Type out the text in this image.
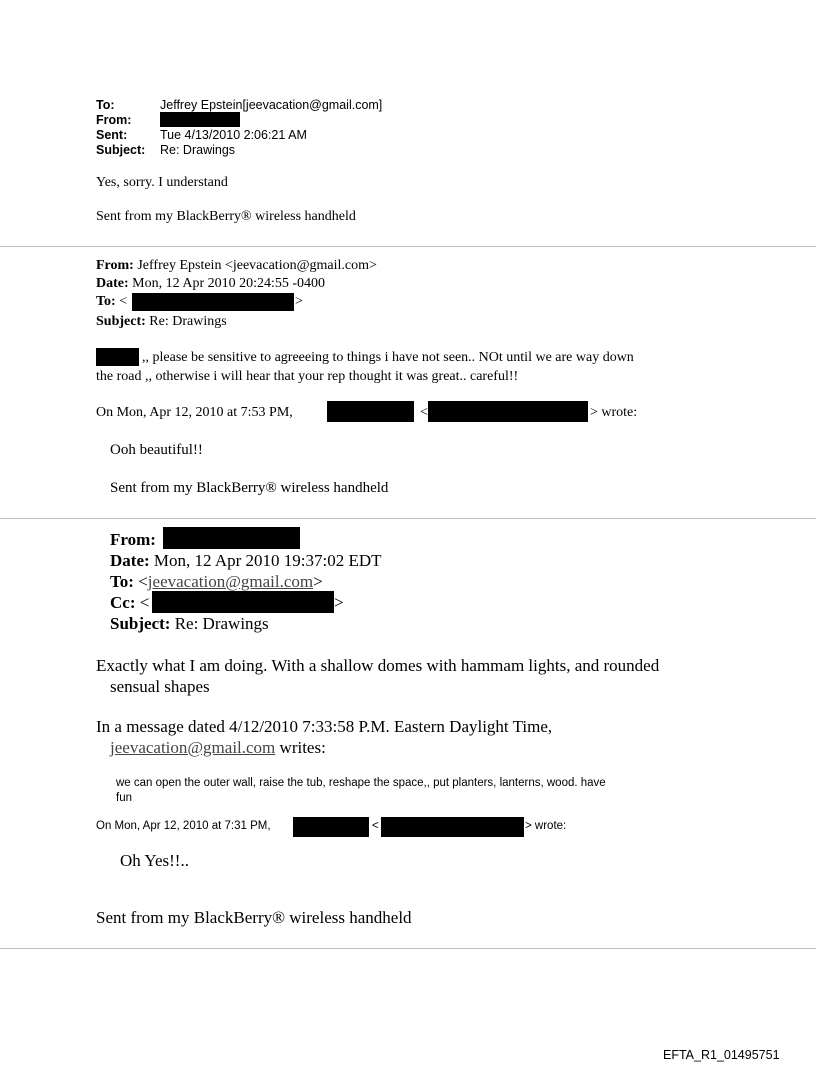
To:	Jeffrey Epstein[jeevacation@gmail.com]
From:
Sent:	Tue 4/13/2010 2:06:21 AM
Subject: Re: Drawings
Yes, sorry. I understand
Sent from my BlackBerry® wireless handheld
From: Jeffrey Epstein <jeevacation@gmail.com>
Date: Mon, 12 Apr 2010 20:24:55 -0400
To: <	>
Subject: Re: Drawings
,, please be sensitive to agreeeing to things i have not seen.. NOt until we are way down
the road ,, otherwise i will hear that your rep thought it was great.. careful!!
On Mon, Apr 12, 2010 at 7:53 PM,	<	> wrote:
Ooh beautiful!!
Sent from my BlackBerry® wireless handheld
From:
Date: Mon, 12 Apr 2010 19:37:02 EDT
To: <jeevacation@gmail.com>
Cc: <	>
Subject: Re: Drawings
Exactly what I am doing. With a shallow domes with hammam lights, and rounded
sensual shapes
In a message dated 4/12/2010 7:33:58 P.M. Eastern Daylight Time,
jeevacation@gmail.com writes:
we can open the outer wall, raise the tub, reshape the space,, put planters, lanterns, wood. have
fun
On Mon, Apr 12, 2010 at 7:31 PM,	<	> wrote:
Oh Yes!!..
Sent from my BlackBerry® wireless handheld
EFTA_R1_01495751
